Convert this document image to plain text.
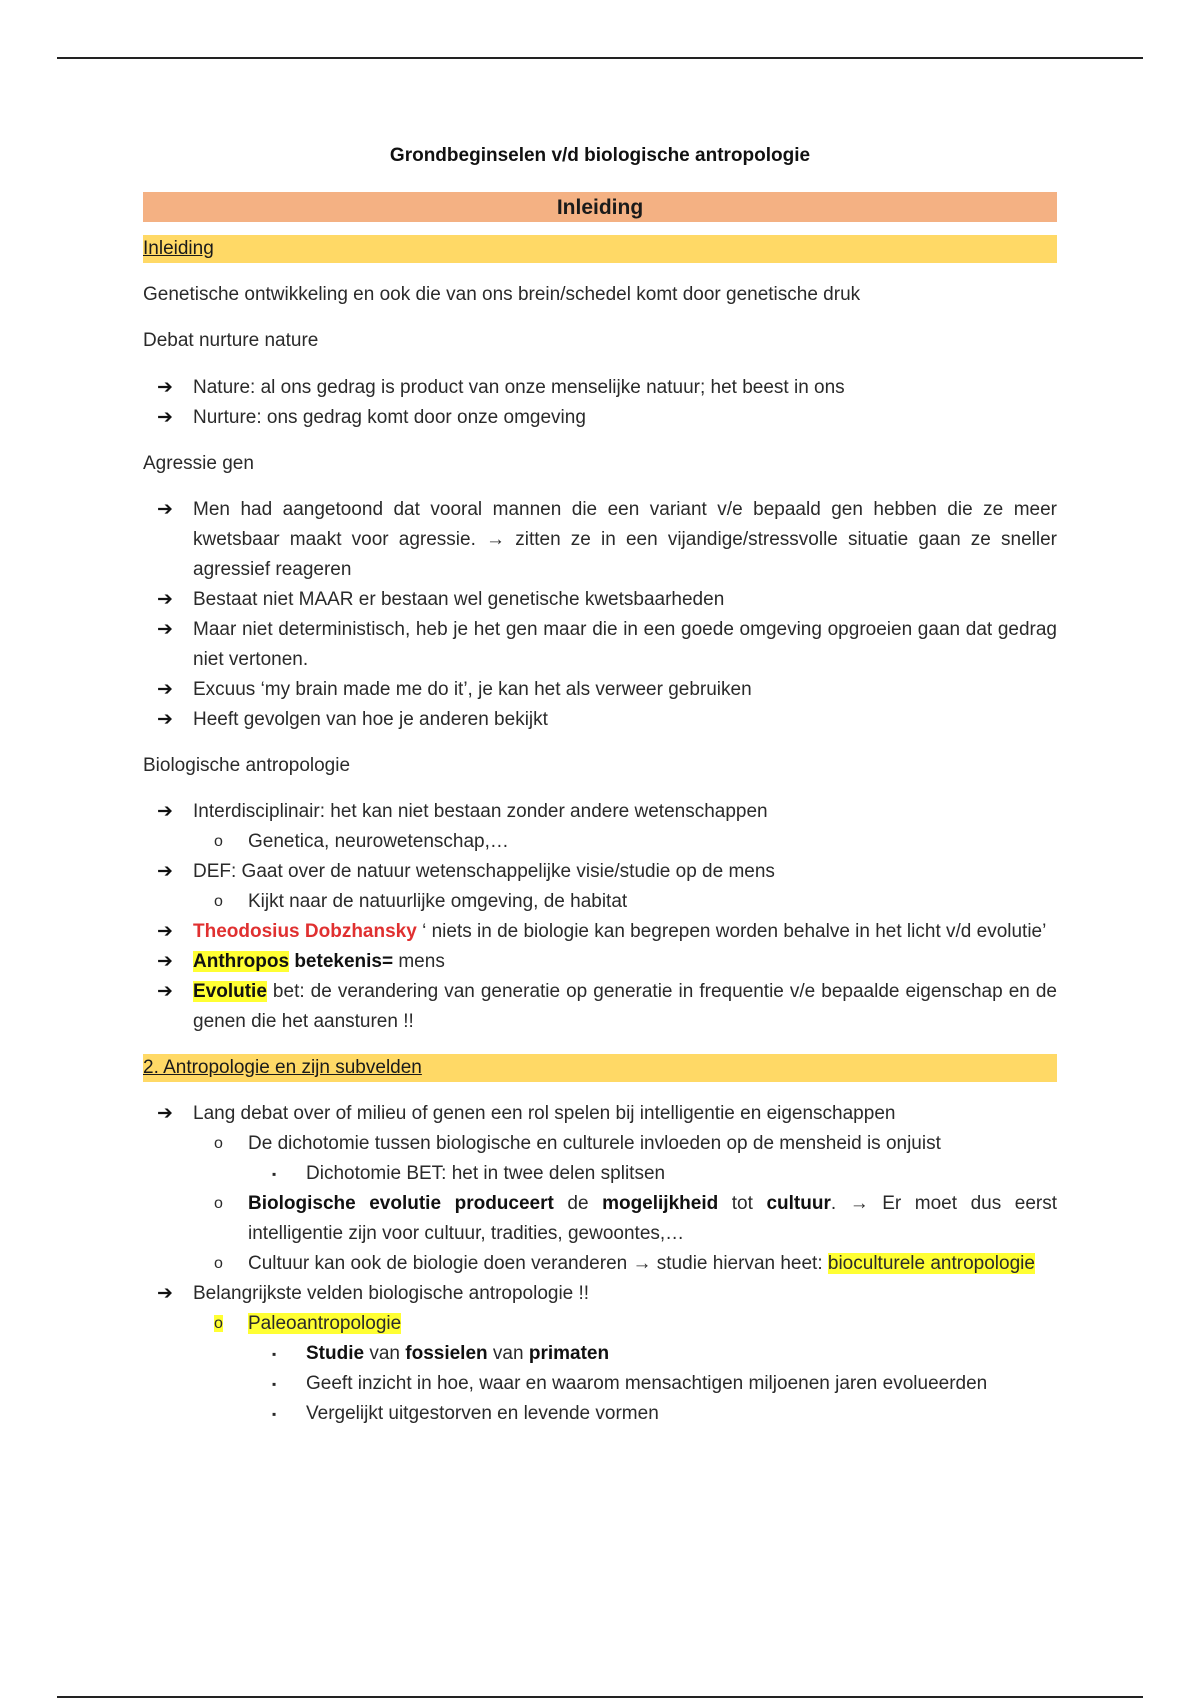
Grondbeginselen v/d biologische antropologie
Inleiding
Inleiding
Genetische ontwikkeling en ook die van ons brein/schedel komt door genetische druk
Debat nurture nature
➔	Nature: al ons gedrag is product van onze menselijke natuur; het beest in ons
➔	Nurture: ons gedrag komt door onze omgeving
Agressie gen
➔	Men had aangetoond dat vooral mannen die een variant v/e bepaald gen hebben die ze meer kwetsbaar maakt voor agressie. → zitten ze in een vijandige/stressvolle situatie gaan ze sneller agressief reageren
➔	Bestaat niet MAAR er bestaan wel genetische kwetsbaarheden
➔	Maar niet deterministisch, heb je het gen maar die in een goede omgeving opgroeien gaan dat gedrag niet vertonen.
➔	Excuus ‘my brain made me do it’, je kan het als verweer gebruiken
➔	Heeft gevolgen van hoe je anderen bekijkt
Biologische antropologie
➔	Interdisciplinair: het kan niet bestaan zonder andere wetenschappen
o	Genetica, neurowetenschap,…
➔	DEF: Gaat over de natuur wetenschappelijke visie/studie op de mens
o	Kijkt naar de natuurlijke omgeving, de habitat
➔	Theodosius Dobzhansky ‘ niets in de biologie kan begrepen worden behalve in het licht v/d evolutie’
➔	Anthropos betekenis= mens
➔	Evolutie bet: de verandering van generatie op generatie in frequentie v/e bepaalde eigenschap en de genen die het aansturen !!
2. Antropologie en zijn subvelden
➔	Lang debat over of milieu of genen een rol spelen bij intelligentie en eigenschappen
o	De dichotomie tussen biologische en culturele invloeden op de mensheid is onjuist
▪	Dichotomie BET: het in twee delen splitsen
o	Biologische evolutie produceert de mogelijkheid tot cultuur. → Er moet dus eerst intelligentie zijn voor cultuur, tradities, gewoontes,…
o	Cultuur kan ook de biologie doen veranderen → studie hiervan heet: bioculturele antropologie
➔	Belangrijkste velden biologische antropologie !!
o	Paleoantropologie
▪	Studie van fossielen van primaten
▪	Geeft inzicht in hoe, waar en waarom mensachtigen miljoenen jaren evolueerden
▪	Vergelijkt uitgestorven en levende vormen
